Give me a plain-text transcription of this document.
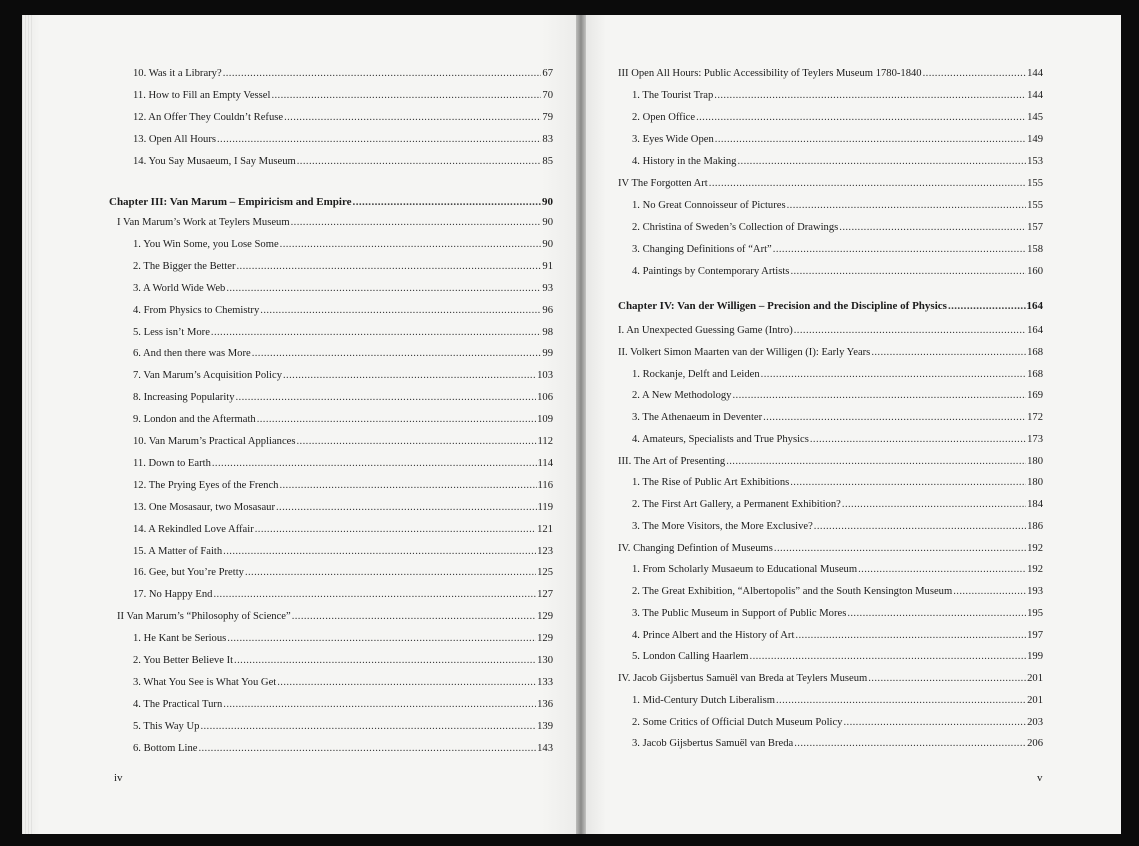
10. Was it a Library? .....	67
11. How to Fill an Empty Vessel .....	70
12. An Offer They Couldn’t Refuse .....	79
13. Open All Hours .....	83
14. You Say Musaeum, I Say Museum .....	85
Chapter III: Van Marum – Empiricism and Empire .....	90
I Van Marum’s Work at Teylers Museum .....	90
1. You Win Some, you Lose Some .....	90
2. The Bigger the Better .....	91
3. A World Wide Web .....	93
4. From Physics to Chemistry .....	96
5. Less isn’t More .....	98
6. And then there was More .....	99
7. Van Marum’s Acquisition Policy .....	103
8. Increasing Popularity .....	106
9. London and the Aftermath .....	109
10. Van Marum’s Practical Appliances .....	112
11. Down to Earth .....	114
12. The Prying Eyes of the French .....	116
13. One Mosasaur, two Mosasaur .....	119
14. A Rekindled Love Affair .....	121
15. A Matter of Faith .....	123
16. Gee, but You’re Pretty .....	125
17. No Happy End .....	127
II Van Marum’s “Philosophy of Science” .....	129
1. He Kant be Serious .....	129
2. You Better Believe It .....	130
3. What You See is What You Get .....	133
4. The Practical Turn .....	136
5. This Way Up .....	139
6. Bottom Line .....	143
III Open All Hours: Public Accessibility of Teylers Museum 1780-1840 .....	144
1. The Tourist Trap .....	144
2. Open Office .....	145
3. Eyes Wide Open .....	149
4. History in the Making .....	153
IV The Forgotten Art .....	155
1. No Great Connoisseur of Pictures .....	155
2. Christina of Sweden’s Collection of Drawings .....	157
3. Changing Definitions of “Art” .....	158
4. Paintings by Contemporary Artists .....	160
Chapter IV: Van der Willigen – Precision and the Discipline of Physics .....	164
I. An Unexpected Guessing Game (Intro) .....	164
II. Volkert Simon Maarten van der Willigen (I): Early Years .....	168
1. Rockanje, Delft and Leiden .....	168
2. A New Methodology .....	169
3. The Athenaeum in Deventer .....	172
4. Amateurs, Specialists and True Physics .....	173
III. The Art of Presenting .....	180
1. The Rise of Public Art Exhibitions .....	180
2. The First Art Gallery, a Permanent Exhibition? .....	184
3. The More Visitors, the More Exclusive? .....	186
IV. Changing Defintion of Museums .....	192
1. From Scholarly Musaeum to Educational Museum .....	192
2. The Great Exhibition, “Albertopolis” and the South Kensington Museum .....	193
3. The Public Museum in Support of Public Mores .....	195
4. Prince Albert and the History of Art .....	197
5. London Calling Haarlem .....	199
IV. Jacob Gijsbertus Samuël van Breda at Teylers Museum .....	201
1. Mid-Century Dutch Liberalism .....	201
2. Some Critics of Official Dutch Museum Policy .....	203
3. Jacob Gijsbertus Samuël van Breda .....	206
iv	v
